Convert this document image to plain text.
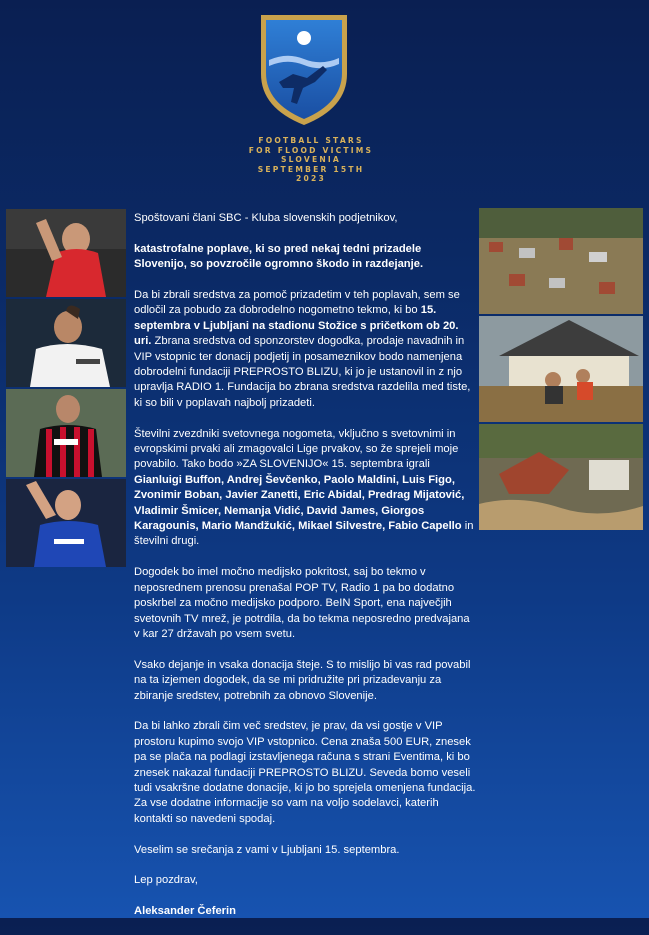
FOOTBALL STARS
FOR FLOOD VICTIMS
SLOVENIA
SEPTEMBER 15TH
2023

Spoštovani člani SBC - Kluba slovenskih podjetnikov,

katastrofalne poplave, ki so pred nekaj tedni prizadele Slovenijo, so povzročile ogromno škodo in razdejanje.

Da bi zbrali sredstva za pomoč prizadetim v teh poplavah, sem se odločil za pobudo za dobrodelno nogometno tekmo, ki bo 15. septembra v Ljubljani na stadionu Stožice s pričetkom ob 20. uri. Zbrana sredstva od sponzorstev dogodka, prodaje navadnih in VIP vstopnic ter donacij podjetij in posameznikov bodo namenjena dobrodelni fundaciji PREPROSTO BLIZU, ki jo je ustanovil in z njo upravlja RADIO 1. Fundacija bo zbrana sredstva razdelila med tiste, ki so bili v poplavah najbolj prizadeti.

Številni zvezdniki svetovnega nogometa, vključno s svetovnimi in evropskimi prvaki ali zmagovalci Lige prvakov, so že sprejeli moje povabilo. Tako bodo »ZA SLOVENIJO« 15. septembra igrali Gianluigi Buffon, Andrej Ševčenko, Paolo Maldini, Luis Figo, Zvonimir Boban, Javier Zanetti, Eric Abidal, Predrag Mijatović, Vladimir Šmicer, Nemanja Vidić, David James, Giorgos Karagounis, Mario Mandžukić, Mikael Silvestre, Fabio Capello in številni drugi.

Dogodek bo imel močno medijsko pokritost, saj bo tekmo v neposrednem prenosu prenašal POP TV, Radio 1 pa bo dodatno poskrbel za močno medijsko podporo. BeIN Sport, ena največjih svetovnih TV mrež, je potrdila, da bo tekma neposredno predvajana v kar 27 državah po vsem svetu.

Vsako dejanje in vsaka donacija šteje. S to mislijo bi vas rad povabil na ta izjemen dogodek, da se mi pridružite pri prizadevanju za zbiranje sredstev, potrebnih za obnovo Slovenije.

Da bi lahko zbrali čim več sredstev, je prav, da vsi gostje v VIP prostoru kupimo svojo VIP vstopnico. Cena znaša 500 EUR, znesek pa se plača na podlagi izstavljenega računa s strani Eventima, ki bo znesek nakazal fundaciji PREPROSTO BLIZU. Seveda bomo veseli tudi vsakršne dodatne donacije, ki jo bo sprejela omenjena fundacija. Za vse dodatne informacije so vam na voljo sodelavci, katerih kontakti so navedeni spodaj.

Veselim se srečanja z vami v Ljubljani 15. septembra.

Lep pozdrav,

Aleksander Čeferin
